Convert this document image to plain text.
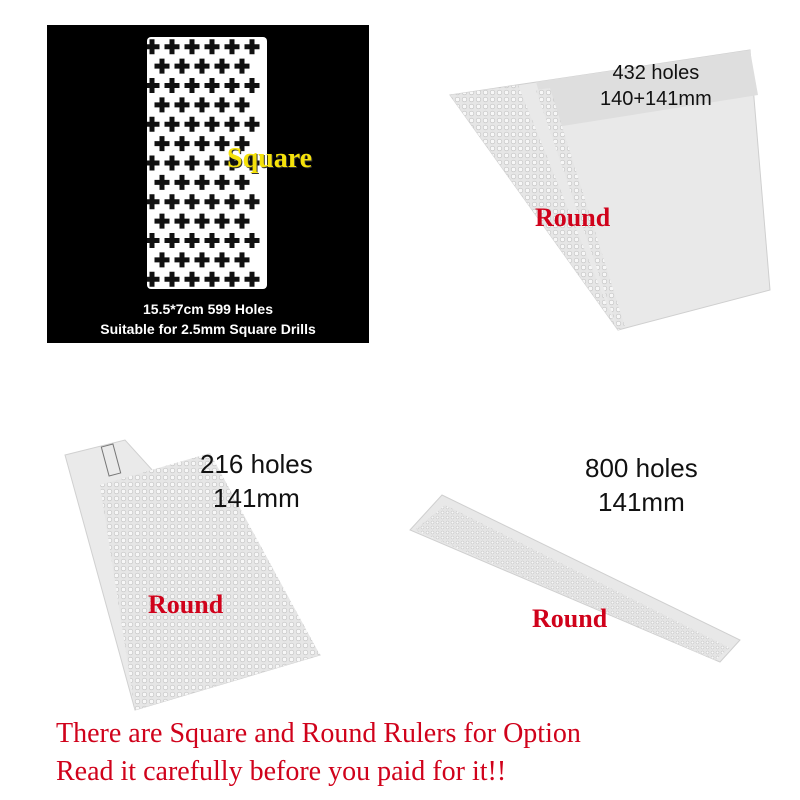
Square
15.5*7cm 599 Holes
Suitable for 2.5mm Square Drills
432 holes
140+141mm
Round
216 holes
141mm
Round
800 holes
141mm
Round
There are Square and Round Rulers for Option
Read it carefully before you paid for it!!
